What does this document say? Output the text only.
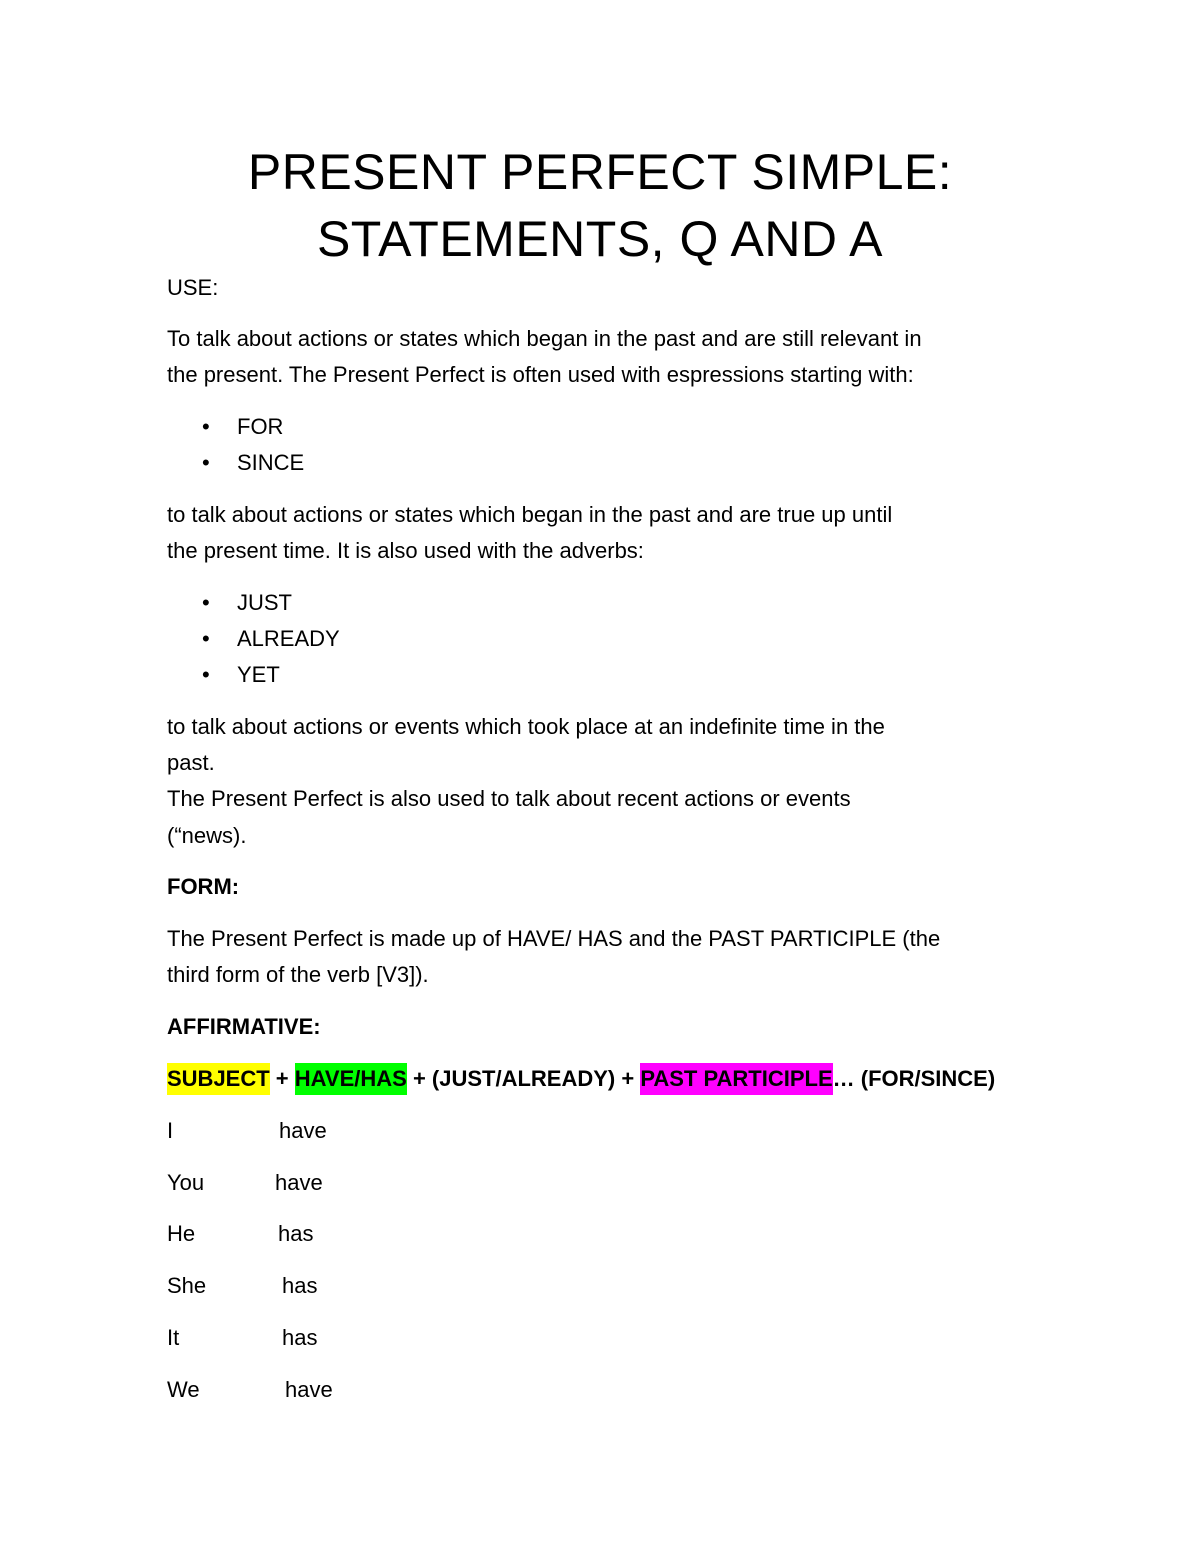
PRESENT PERFECT SIMPLE:
STATEMENTS, Q AND A
USE:
To talk about actions or states which began in the past and are still relevant in
the present. The Present Perfect is often used with espressions starting with:
• FOR
• SINCE
to talk about actions or states which began in the past and are true up until
the present time. It is also used with the adverbs:
• JUST
• ALREADY
• YET
to talk about actions or events which took place at an indefinite time in the
past.
The Present Perfect is also used to talk about recent actions or events
(“news).
FORM:
The Present Perfect is made up of HAVE/ HAS and the PAST PARTICIPLE (the
third form of the verb [V3]).
AFFIRMATIVE:
SUBJECT + HAVE/HAS + (JUST/ALREADY) + PAST PARTICIPLE… (FOR/SINCE)
I	have
You	have
He	has
She	has
It	has
We	have
